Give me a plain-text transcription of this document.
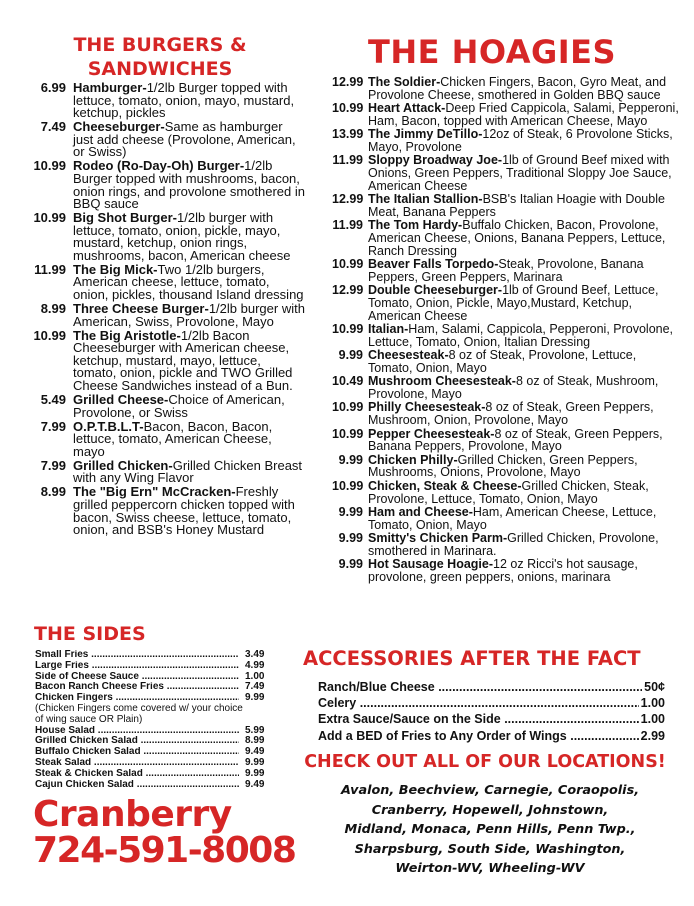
THE BURGERS &
SANDWICHES
6.99 Hamburger-1/2lb Burger topped with lettuce, tomato, onion, mayo, mustard, ketchup, pickles
7.49 Cheeseburger-Same as hamburger just add cheese (Provolone, American, or Swiss)
10.99 Rodeo (Ro-Day-Oh) Burger-1/2lb Burger topped with mushrooms, bacon, onion rings, and provolone smothered in BBQ sauce
10.99 Big Shot Burger-1/2lb burger with lettuce, tomato, onion, pickle, mayo, mustard, ketchup, onion rings, mushrooms, bacon, American cheese
11.99 The Big Mick-Two 1/2lb burgers, American cheese, lettuce, tomato, onion, pickles, thousand Island dressing
8.99 Three Cheese Burger-1/2lb burger with American, Swiss, Provolone, Mayo
10.99 The Big Aristotle-1/2lb Bacon Cheeseburger with American cheese, ketchup, mustard, mayo, lettuce, tomato, onion, pickle and TWO Grilled Cheese Sandwiches instead of a Bun.
5.49 Grilled Cheese-Choice of American, Provolone, or Swiss
7.99 O.P.T.B.L.T-Bacon, Bacon, Bacon, lettuce, tomato, American Cheese, mayo
7.99 Grilled Chicken-Grilled Chicken Breast with any Wing Flavor
8.99 The "Big Ern" McCracken-Freshly grilled peppercorn chicken topped with bacon, Swiss cheese, lettuce, tomato, onion, and BSB's Honey Mustard
THE HOAGIES
12.99 The Soldier-Chicken Fingers, Bacon, Gyro Meat, and Provolone Cheese, smothered in Golden BBQ sauce
10.99 Heart Attack-Deep Fried Cappicola, Salami, Pepperoni, Ham, Bacon, topped with American Cheese, Mayo
13.99 The Jimmy DeTillo-12oz of Steak, 6 Provolone Sticks, Mayo, Provolone
11.99 Sloppy Broadway Joe-1lb of Ground Beef mixed with Onions, Green Peppers, Traditional Sloppy Joe Sauce, American Cheese
12.99 The Italian Stallion-BSB's Italian Hoagie with Double Meat, Banana Peppers
11.99 The Tom Hardy-Buffalo Chicken, Bacon, Provolone, American Cheese, Onions, Banana Peppers, Lettuce, Ranch Dressing
10.99 Beaver Falls Torpedo-Steak, Provolone, Banana Peppers, Green Peppers, Marinara
12.99 Double Cheeseburger-1lb of Ground Beef, Lettuce, Tomato, Onion, Pickle, Mayo,Mustard, Ketchup, American Cheese
10.99 Italian-Ham, Salami, Cappicola, Pepperoni, Provolone, Lettuce, Tomato, Onion, Italian Dressing
9.99 Cheesesteak-8 oz of Steak, Provolone, Lettuce, Tomato, Onion, Mayo
10.49 Mushroom Cheesesteak-8 oz of Steak, Mushroom, Provolone, Mayo
10.99 Philly Cheesesteak-8 oz of Steak, Green Peppers, Mushroom, Onion, Provolone, Mayo
10.99 Pepper Cheesesteak-8 oz of Steak, Green Peppers, Banana Peppers, Provolone, Mayo
9.99 Chicken Philly-Grilled Chicken, Green Peppers, Mushrooms, Onions, Provolone, Mayo
10.99 Chicken, Steak & Cheese-Grilled Chicken, Steak, Provolone, Lettuce, Tomato, Onion, Mayo
9.99 Ham and Cheese-Ham, American Cheese, Lettuce, Tomato, Onion, Mayo
9.99 Smitty's Chicken Parm-Grilled Chicken, Provolone, smothered in Marinara.
9.99 Hot Sausage Hoagie-12 oz Ricci's hot sausage, provolone, green peppers, onions, marinara
THE SIDES
Small Fries .....	3.49
Large Fries .....	4.99
Side of Cheese Sauce .....	1.00
Bacon Ranch Cheese Fries .....	7.49
Chicken Fingers .....	9.99
(Chicken Fingers come covered w/ your choice of wing sauce OR Plain)
House Salad .....	5.99
Grilled Chicken Salad .....	8.99
Buffalo Chicken Salad .....	9.49
Steak Salad .....	9.99
Steak & Chicken Salad .....	9.99
Cajun Chicken Salad .....	9.49
ACCESSORIES AFTER THE FACT
Ranch/Blue Cheese .....	50¢
Celery .....	1.00
Extra Sauce/Sauce on the Side .....	1.00
Add a BED of Fries to Any Order of Wings .....	2.99
CHECK OUT ALL OF OUR LOCATIONS!
Avalon, Beechview, Carnegie, Coraopolis,
Cranberry, Hopewell, Johnstown,
Midland, Monaca, Penn Hills, Penn Twp.,
Sharpsburg, South Side, Washington,
Weirton-WV, Wheeling-WV
Cranberry
724-591-8008
